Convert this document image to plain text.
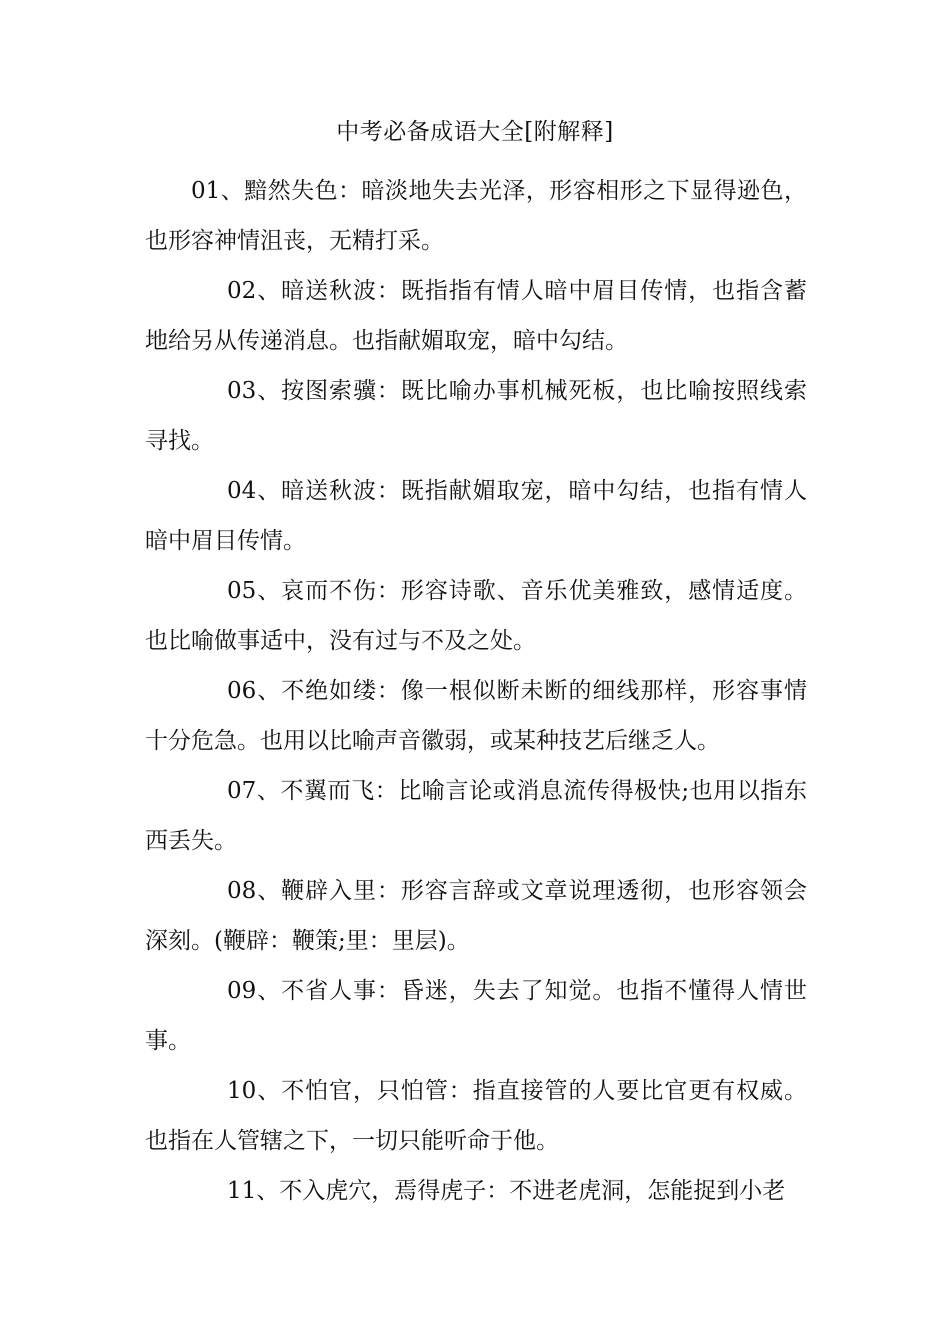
中考必备成语大全[附解释]

01、黯然失色：暗淡地失去光泽，形容相形之下显得逊色，也形容神情沮丧，无精打采。

02、暗送秋波：既指指有情人暗中眉目传情，也指含蓄地给另从传递消息。也指献媚取宠，暗中勾结。

03、按图索骥：既比喻办事机械死板，也比喻按照线索寻找。

04、暗送秋波：既指献媚取宠，暗中勾结，也指有情人暗中眉目传情。

05、哀而不伤：形容诗歌、音乐优美雅致，感情适度。也比喻做事适中，没有过与不及之处。

06、不绝如缕：像一根似断未断的细线那样，形容事情十分危急。也用以比喻声音徽弱，或某种技艺后继乏人。

07、不翼而飞：比喻言论或消息流传得极快;也用以指东西丢失。

08、鞭辟入里：形容言辞或文章说理透彻，也形容领会深刻。(鞭辟：鞭策;里：里层)。

09、不省人事：昏迷，失去了知觉。也指不懂得人情世事。

10、不怕官，只怕管：指直接管的人要比官更有权威。也指在人管辖之下，一切只能听命于他。

11、不入虎穴，焉得虎子：不进老虎洞，怎能捉到小老
